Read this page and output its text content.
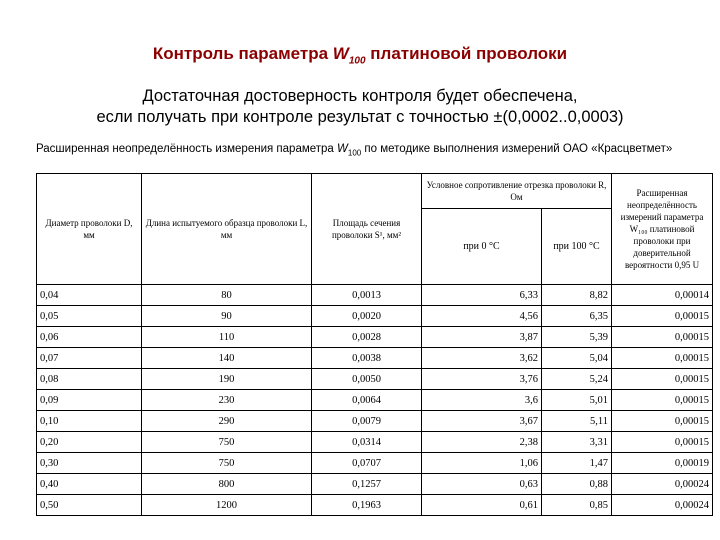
Контроль параметра $W_{100}$ платиновой проволоки
Достаточная достоверность контроля будет обеспечена,
если получать при контроле результат с точностью ±(0,0002..0,0003)
Расширенная неопределённость измерения параметра $W_{100}$ по методике выполнения измерений ОАО «Красцветмет»
Диаметр проволоки D, мм	Длина испытуемого образца проволоки L, мм	Площадь сечения проволоки S¹, мм²	Условное сопротивление отрезка проволоки R, Ом		Расширенная неопределённость измерений параметра W₁₀₀ платиновой проволоки при доверительной вероятности 0,95 U
			при 0 °С	при 100 °С	
0,04	80	0,0013	6,33	8,82	0,00014
0,05	90	0,0020	4,56	6,35	0,00015
0,06	110	0,0028	3,87	5,39	0,00015
0,07	140	0,0038	3,62	5,04	0,00015
0,08	190	0,0050	3,76	5,24	0,00015
0,09	230	0,0064	3,6	5,01	0,00015
0,10	290	0,0079	3,67	5,11	0,00015
0,20	750	0,0314	2,38	3,31	0,00015
0,30	750	0,0707	1,06	1,47	0,00019
0,40	800	0,1257	0,63	0,88	0,00024
0,50	1200	0,1963	0,61	0,85	0,00024
